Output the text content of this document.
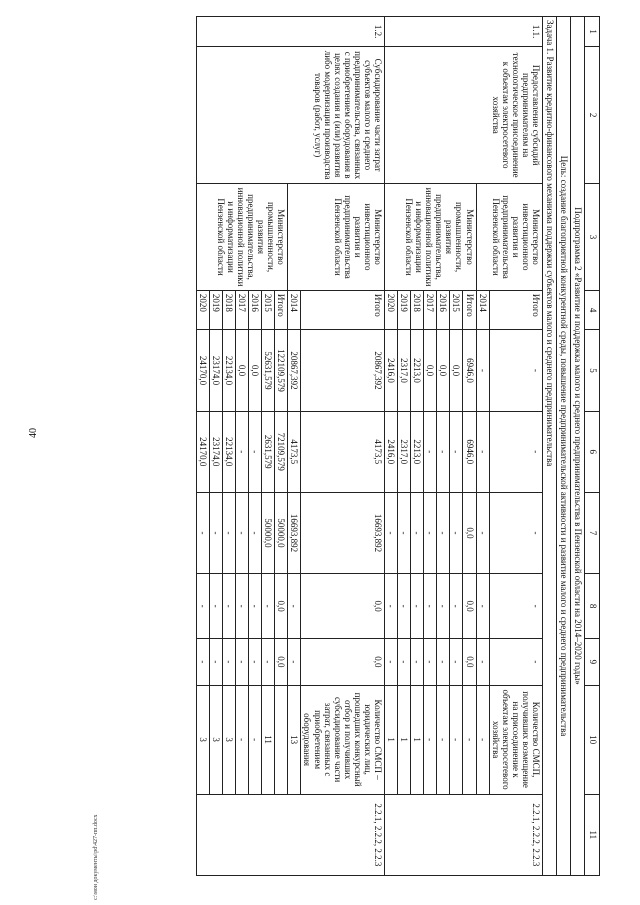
40
c:\мои документы\рd\427-пп.docx
1	2	3	4	5	6	7	8	9	10	11
Подпрограмма 2 «Развитие и поддержка малого и среднего предпринимательства в Пензенской области на 2014–2020 годы»										
Цель: создание благоприятной конкурентной среды, повышение предпринимательской активности и развитие малого и среднего предпринимательства										
Задача 1. Развитие кредитно-финансового механизма поддержки субъектов малого и среднего предпринимательства										
1.1.	Предоставление субсидий предпринимателям на технологическое присоединение к объектам электросетевого хозяйства	Министерство инвестиционного развития и предпринимательства Пензенской области	Итого	-	-	-	-	-	Количество СМСП, получивших возмещение на присоединение к объектам электросетевого хозяйства	2.2.1, 2.2.2, 2.2.3
			2014	-	-	-	-	-	-	
		Министерство промышленности, развития предпринимательства, инновационной политики и информатизации Пензенской области	Итого	6946,0	6946,0	0,0	0,0	0,0	-	
			2015	0,0	-	-	-	-	-	
			2016	0,0	-	-	-	-	-	
			2017	0,0	-	-	-	-	-	
			2018	2213,0	2213,0	-	-	-	1	
			2019	2317,0	2317,0	-	-	-	1	
			2020	2416,0	2416,0	-	-	-	1	
1.2.	Субсидирование части затрат субъектов малого и среднего предпринимательства, связанных с приобретением оборудования в целях создания и (или) развития либо модернизации производства товаров (работ, услуг)	Министерство инвестиционного развития и предпринимательства Пензенской области	Итого	20867,392	4173,5	16693,892	0,0	0,0	Количество СМСП – юридических лиц, прошедших конкурсный отбор и получивших субсидирование части затрат, связанных с приобретением оборудования	2.2.1, 2.2.2, 2.2.3
			2014	20867,392	4173,5	16693,892	-	-	13	
		Министерство промышленности, развития предпринимательства, инновационной политики и информатизации Пензенской области	Итого	122109,579	72109,579	50000,0	0,0	0,0		
			2015	52631,579	2631,579	50000,0	-	-	11	
			2016	0,0	-	-	-	-	-	
			2017	0,0	-	-	-	-	-	
			2018	22134,0	22134,0	-	-	-	3	
			2019	23174,0	23174,0	-	-	-	3	
			2020	24170,0	24170,0	-	-	-	3	
